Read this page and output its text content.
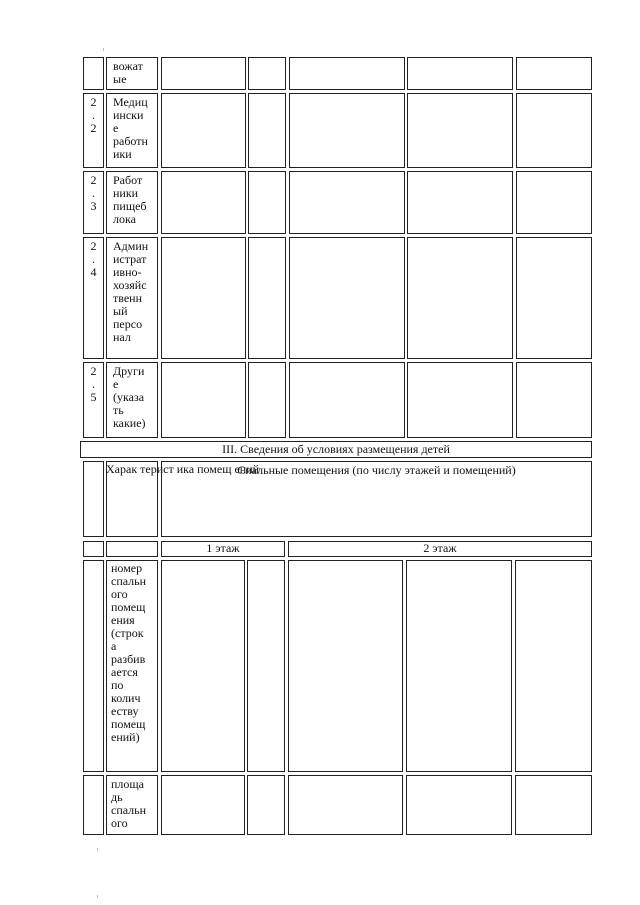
вожат
ые
2
.
2
Медиц
ински
е
работн
ики
2
.
3
Работ
ники
пищеб
лока
2
.
4
Админ
истрат
ивно-
хозяйс
твенн
ый
персо
нал
2
.
5
Други
е
(указа
ть
какие)
III. Сведения об условиях размещения детей
Харак терист ика помещ ений
Спальные помещения (по числу этажей и помещений)
1 этаж	2 этаж
номер
спальн
ого
помещ
ения
(строк
а
разбив
ается
по
колич
еству
помещ
ений)
площа
дь
спальн
ого
